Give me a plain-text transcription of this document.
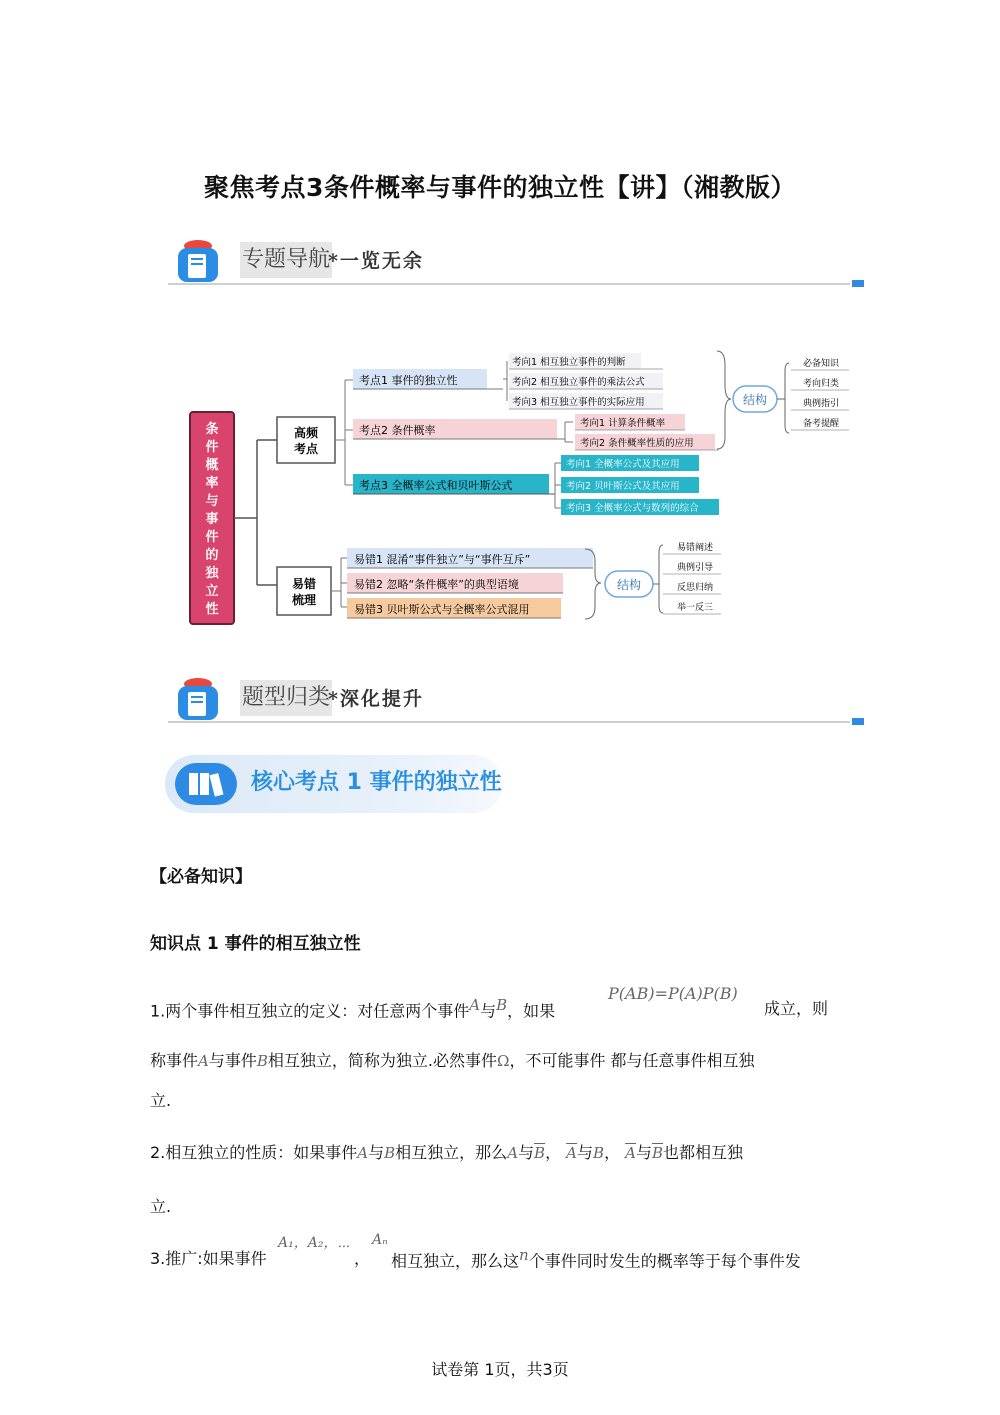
聚焦考点3条件概率与事件的独立性【讲】（湘教版）
专题导航
*一览无余
条件概率与事件的独立性
高频
考点
易错
梳理
考点1 事件的独立性
考点2 条件概率
考点3 全概率公式和贝叶斯公式
考向1 相互独立事件的判断
考向2 相互独立事件的乘法公式
考向3 相互独立事件的实际应用
考向1 计算条件概率
考向2 条件概率性质的应用
考向1 全概率公式及其应用
考向2 贝叶斯公式及其应用
考向3 全概率公式与数列的综合
结构
必备知识
考向归类
典例指引
备考提醒
易错1 混淆“事件独立”与“事件互斥”
易错2 忽略“条件概率”的典型语境
易错3 贝叶斯公式与全概率公式混用
结构
易错阐述
典例引导
反思归纳
举一反三
题型归类
*深化提升
核心考点 1 事件的独立性
【必备知识】
知识点 1 事件的相互独立性
1.两个事件相互独立的定义：对任意两个事件$^A$与$^B$，如果
P(AB)=P(A)P(B)
成立，则
称事件A与事件B相互独立，简称为独立.必然事件Ω，不可能事件 都与任意事件相互独
立.
2.相互独立的性质：如果事件A与B相互独立，那么A与$\overline{B}$， $\overline{A}$与B， $\overline{A}$与$\overline{B}$也都相互独
立.
3.推广:如果事件
A₁，A₂，⋯
，
Aₙ
相互独立，那么这$^n$个事件同时发生的概率等于每个事件发
试卷第 1页，共3页
